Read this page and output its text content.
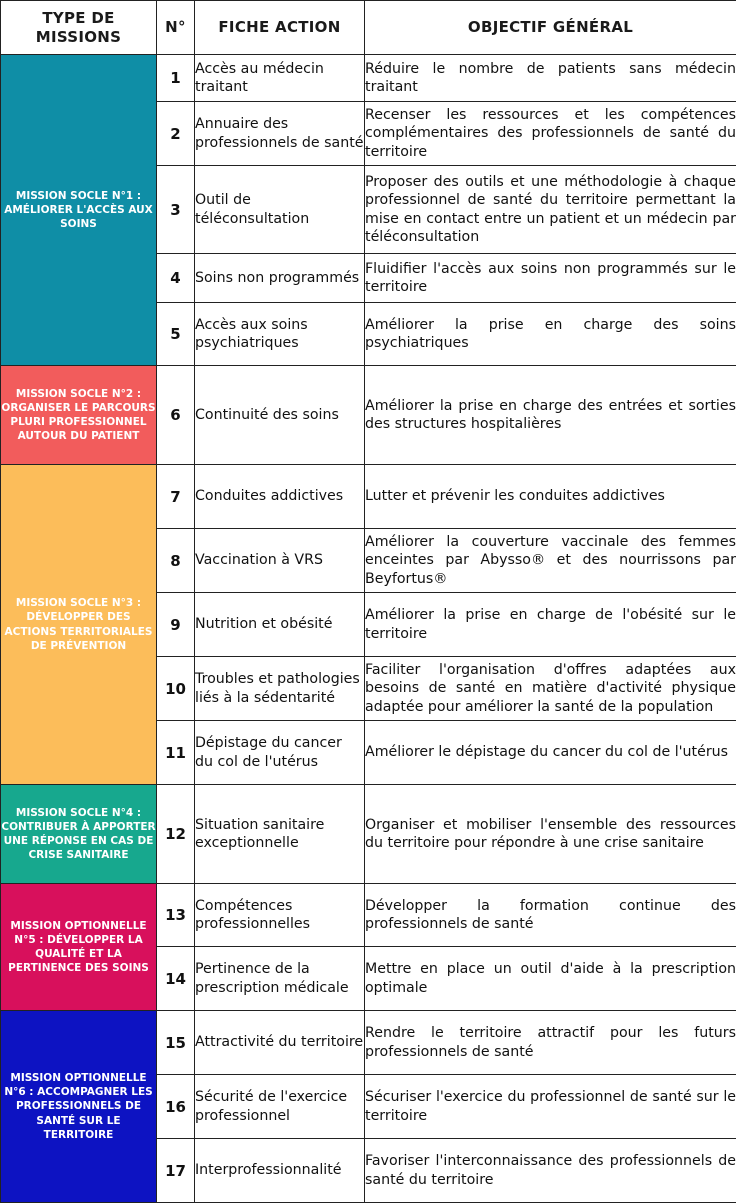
TYPE DE MISSIONS	N°	FICHE ACTION	OBJECTIF GÉNÉRAL

MISSION SOCLE N°1 : AMÉLIORER L'ACCÈS AUX SOINS	1	Accès au médecin traitant	Réduire le nombre de patients sans médecin traitant
	2	Annuaire des professionnels de santé	Recenser les ressources et les compétences complémentaires des professionnels de santé du territoire
	3	Outil de téléconsultation	Proposer des outils et une méthodologie à chaque professionnel de santé du territoire permettant la mise en contact entre un patient et un médecin par téléconsultation
	4	Soins non programmés	Fluidifier l'accès aux soins non programmés sur le territoire
	5	Accès aux soins psychiatriques	Améliorer la prise en charge des soins psychiatriques

MISSION SOCLE N°2 : ORGANISER LE PARCOURS PLURI PROFESSIONNEL AUTOUR DU PATIENT	6	Continuité des soins	Améliorer la prise en charge des entrées et sorties des structures hospitalières

MISSION SOCLE N°3 : DÉVELOPPER DES ACTIONS TERRITORIALES DE PRÉVENTION	7	Conduites addictives	Lutter et prévenir les conduites addictives
	8	Vaccination à VRS	Améliorer la couverture vaccinale des femmes enceintes par Abysso® et des nourrissons par Beyfortus®
	9	Nutrition et obésité	Améliorer la prise en charge de l'obésité sur le territoire
	10	Troubles et pathologies liés à la sédentarité	Faciliter l'organisation d'offres adaptées aux besoins de santé en matière d'activité physique adaptée pour améliorer la santé de la population
	11	Dépistage du cancer du col de l'utérus	Améliorer le dépistage du cancer du col de l'utérus

MISSION SOCLE N°4 : CONTRIBUER À APPORTER UNE RÉPONSE EN CAS DE CRISE SANITAIRE	12	Situation sanitaire exceptionnelle	Organiser et mobiliser l'ensemble des ressources du territoire pour répondre à une crise sanitaire

MISSION OPTIONNELLE N°5 : DÉVELOPPER LA QUALITÉ ET LA PERTINENCE DES SOINS	13	Compétences professionnelles	Développer la formation continue des professionnels de santé
	14	Pertinence de la prescription médicale	Mettre en place un outil d'aide à la prescription optimale

MISSION OPTIONNELLE N°6 : ACCOMPAGNER LES PROFESSIONNELS DE SANTÉ SUR LE TERRITOIRE	15	Attractivité du territoire	Rendre le territoire attractif pour les futurs professionnels de santé
	16	Sécurité de l'exercice professionnel	Sécuriser l'exercice du professionnel de santé sur le territoire
	17	Interprofessionnalité	Favoriser l'interconnaissance des professionnels de santé du territoire
